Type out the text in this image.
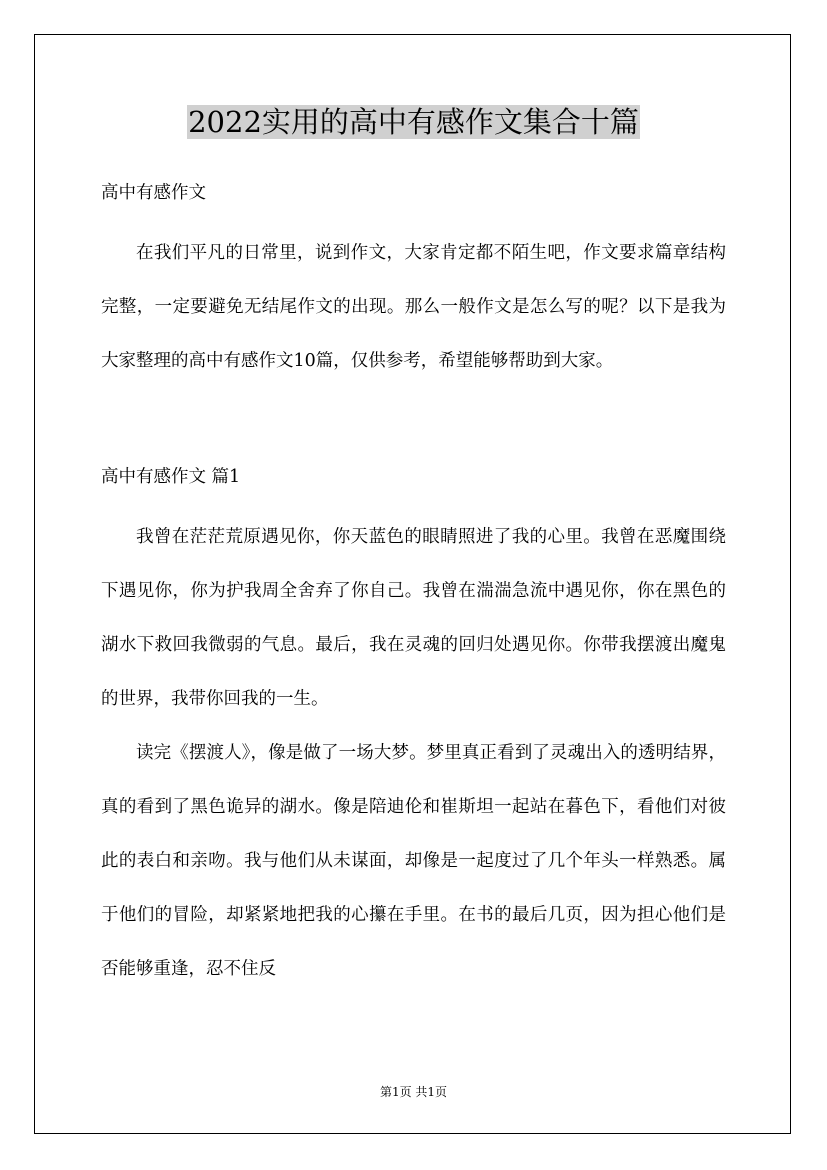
2022实用的高中有感作文集合十篇
高中有感作文
在我们平凡的日常里，说到作文，大家肯定都不陌生吧，作文要求篇章结构完整，一定要避免无结尾作文的出现。那么一般作文是怎么写的呢？以下是我为大家整理的高中有感作文10篇，仅供参考，希望能够帮助到大家。
高中有感作文 篇1
我曾在茫茫荒原遇见你，你天蓝色的眼睛照进了我的心里。我曾在恶魔围绕下遇见你，你为护我周全舍弃了你自己。我曾在湍湍急流中遇见你，你在黑色的湖水下救回我微弱的气息。最后，我在灵魂的回归处遇见你。你带我摆渡出魔鬼的世界，我带你回我的一生。
读完《摆渡人》，像是做了一场大梦。梦里真正看到了灵魂出入的透明结界，真的看到了黑色诡异的湖水。像是陪迪伦和崔斯坦一起站在暮色下，看他们对彼此的表白和亲吻。我与他们从未谋面，却像是一起度过了几个年头一样熟悉。属于他们的冒险，却紧紧地把我的心攥在手里。在书的最后几页，因为担心他们是否能够重逢，忍不住反
第1页 共1页
